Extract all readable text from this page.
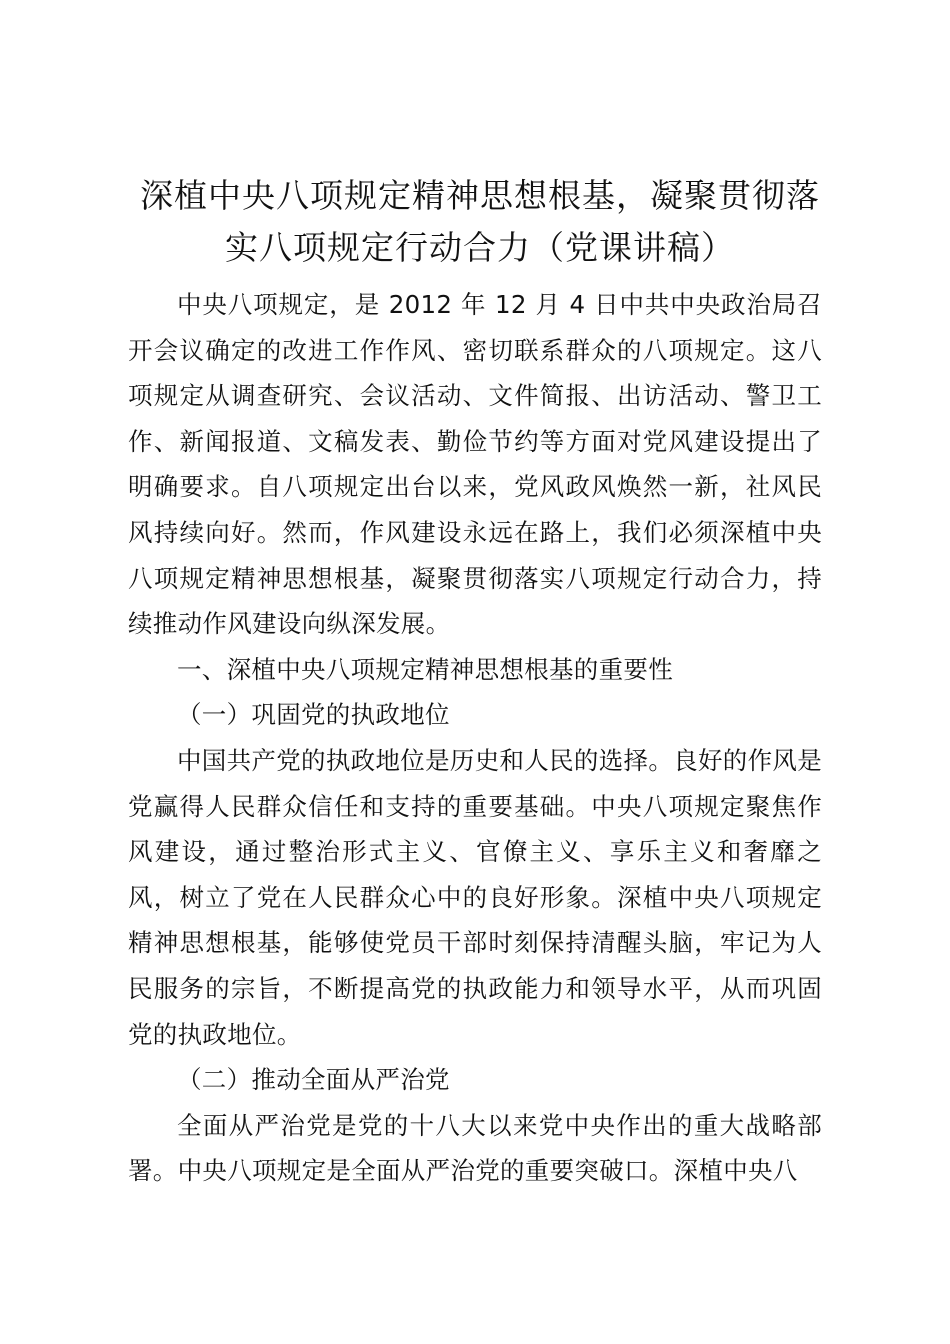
深植中央八项规定精神思想根基，凝聚贯彻落
实八项规定行动合力（党课讲稿）

中央八项规定，是 2012 年 12 月 4 日中共中央政治局召开会议确定的改进工作作风、密切联系群众的八项规定。这八项规定从调查研究、会议活动、文件简报、出访活动、警卫工作、新闻报道、文稿发表、勤俭节约等方面对党风建设提出了明确要求。自八项规定出台以来，党风政风焕然一新，社风民风持续向好。然而，作风建设永远在路上，我们必须深植中央八项规定精神思想根基，凝聚贯彻落实八项规定行动合力，持续推动作风建设向纵深发展。

一、深植中央八项规定精神思想根基的重要性

（一）巩固党的执政地位

中国共产党的执政地位是历史和人民的选择。良好的作风是党赢得人民群众信任和支持的重要基础。中央八项规定聚焦作风建设，通过整治形式主义、官僚主义、享乐主义和奢靡之风，树立了党在人民群众心中的良好形象。深植中央八项规定精神思想根基，能够使党员干部时刻保持清醒头脑，牢记为人民服务的宗旨，不断提高党的执政能力和领导水平，从而巩固党的执政地位。

（二）推动全面从严治党

全面从严治党是党的十八大以来党中央作出的重大战略部署。中央八项规定是全面从严治党的重要突破口。深植中央八
